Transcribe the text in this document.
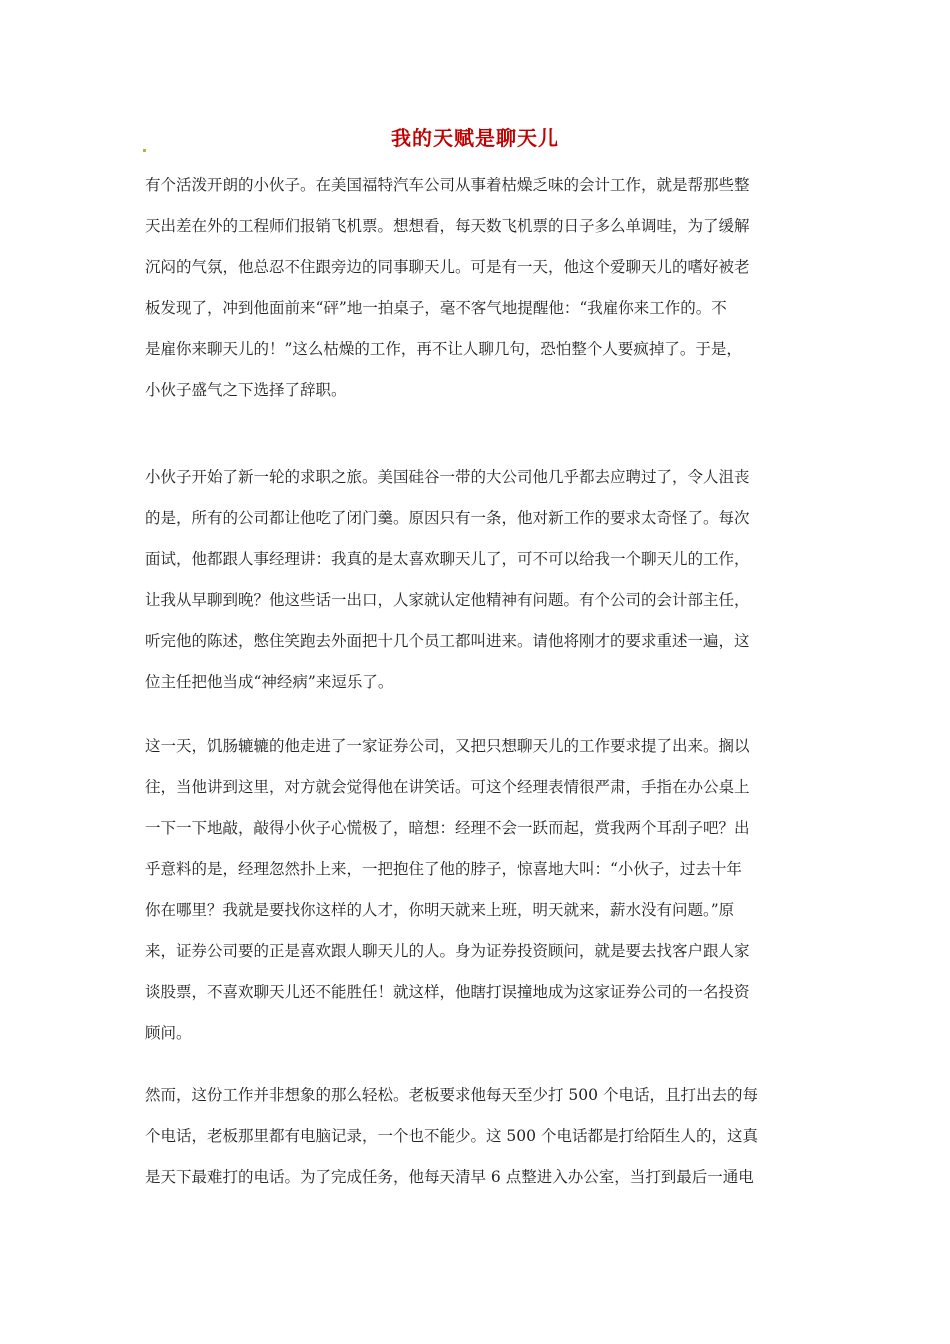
我的天赋是聊天儿
有个活泼开朗的小伙子。在美国福特汽车公司从事着枯燥乏味的会计工作，就是帮那些整
天出差在外的工程师们报销飞机票。想想看，每天数飞机票的日子多么单调哇，为了缓解
沉闷的气氛，他总忍不住跟旁边的同事聊天儿。可是有一天，他这个爱聊天儿的嗜好被老
板发现了，冲到他面前来“砰”地一拍桌子，毫不客气地提醒他：“我雇你来工作的。不
是雇你来聊天儿的！”这么枯燥的工作，再不让人聊几句，恐怕整个人要疯掉了。于是，
小伙子盛气之下选择了辞职。
小伙子开始了新一轮的求职之旅。美国硅谷一带的大公司他几乎都去应聘过了，令人沮丧
的是，所有的公司都让他吃了闭门羹。原因只有一条，他对新工作的要求太奇怪了。每次
面试，他都跟人事经理讲：我真的是太喜欢聊天儿了，可不可以给我一个聊天儿的工作，
让我从早聊到晚？他这些话一出口，人家就认定他精神有问题。有个公司的会计部主任，
听完他的陈述，憋住笑跑去外面把十几个员工都叫进来。请他将刚才的要求重述一遍，这
位主任把他当成“神经病”来逗乐了。
这一天，饥肠辘辘的他走进了一家证券公司，又把只想聊天儿的工作要求提了出来。搁以
往，当他讲到这里，对方就会觉得他在讲笑话。可这个经理表情很严肃，手指在办公桌上
一下一下地敲，敲得小伙子心慌极了，暗想：经理不会一跃而起，赏我两个耳刮子吧？出
乎意料的是，经理忽然扑上来，一把抱住了他的脖子，惊喜地大叫：“小伙子，过去十年
你在哪里？我就是要找你这样的人才，你明天就来上班，明天就来，薪水没有问题。”原
来，证券公司要的正是喜欢跟人聊天儿的人。身为证券投资顾问，就是要去找客户跟人家
谈股票，不喜欢聊天儿还不能胜任！就这样，他瞎打误撞地成为这家证券公司的一名投资
顾问。
然而，这份工作并非想象的那么轻松。老板要求他每天至少打 500 个电话，且打出去的每
个电话，老板那里都有电脑记录，一个也不能少。这 500 个电话都是打给陌生人的，这真
是天下最难打的电话。为了完成任务，他每天清早 6 点整进入办公室，当打到最后一通电
